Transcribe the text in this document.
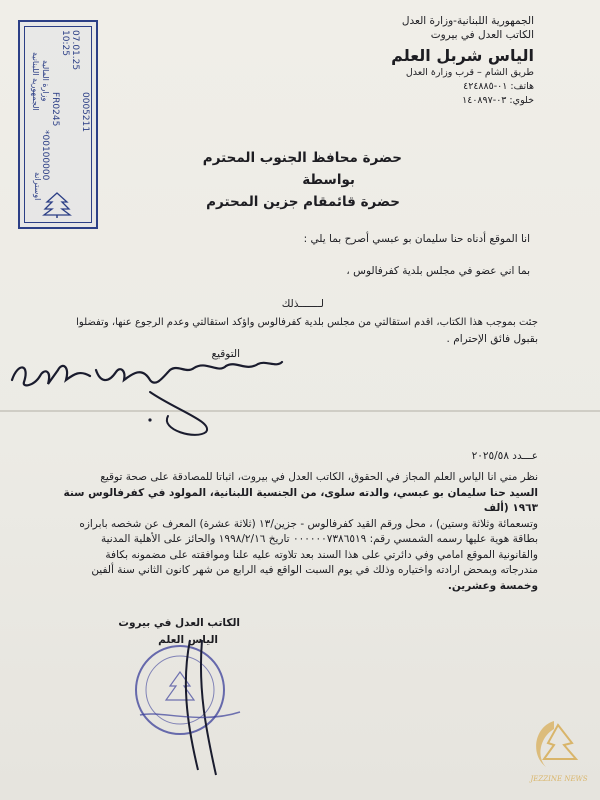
الجمهورية اللبنانية-وزارة العدل
الكاتب العدل في بيروت
الياس شربل العلم
طريق الشام – قرب وزارة العدل
هاتف: ٠١-٤٢٤٨٨٥
خلوي: ٠٣-١٤٠٨٩٧
الجمهورية اللبنانية وزارة المالية
10:25 07.01.25
FR0245
*00100000
0005211
اوسترانة
حضرة محافظ الجنوب المحترم
بواسطة
حضرة قائمقام جزين المحترم
انا الموقع أدناه حنا سليمان بو عبسي أصرح بما يلي :
بما اني عضو في مجلس بلدية كفرفالوس ،
لـــــــذلك
جئت بموجب هذا الكتاب، اقدم استقالتي من مجلس بلدية كفرفالوس واؤكد استقالتي وعدم الرجوع عنها، وتفضلوا
بقبول فائق الإحترام .
التوقيع
عـــدد ٢٠٢٥/٥٨
نظر مني انا الياس العلم المجاز في الحقوق، الكاتب العدل في بيروت، اثباتا للمصادقة على صحة توقيع
السيد حنا سليمان بو عبسي، والدته سلوى، من الجنسية اللبنانية، المولود في كفرفالوس سنة ١٩٦٣ (ألف
وتسعمائة وثلاثة وستين) ، محل ورقم القيد كفرفالوس - جزين/١٣ (ثلاثة عشرة) المعرف عن شخصه بابرازه
بطاقة هوية عليها رسمه الشمسي رقم: ٠٠٠٠٠٠٧٣٨٦٥١٩ تاريخ ١٩٩٨/٢/١٦ والحائز على الأهلية المدنية
والقانونية الموقع امامي وفي دائرتي على هذا السند بعد تلاوته عليه علنا وموافقته على مضمونه بكافة
مندرجاته وبمحض ارادته واختياره وذلك في يوم السبت الواقع فيه الرابع من شهر كانون الثاني سنة ألفين
وخمسة وعشرين.
الكاتب العدل في بيروت
الياس العلم
JEZZINE NEWS
